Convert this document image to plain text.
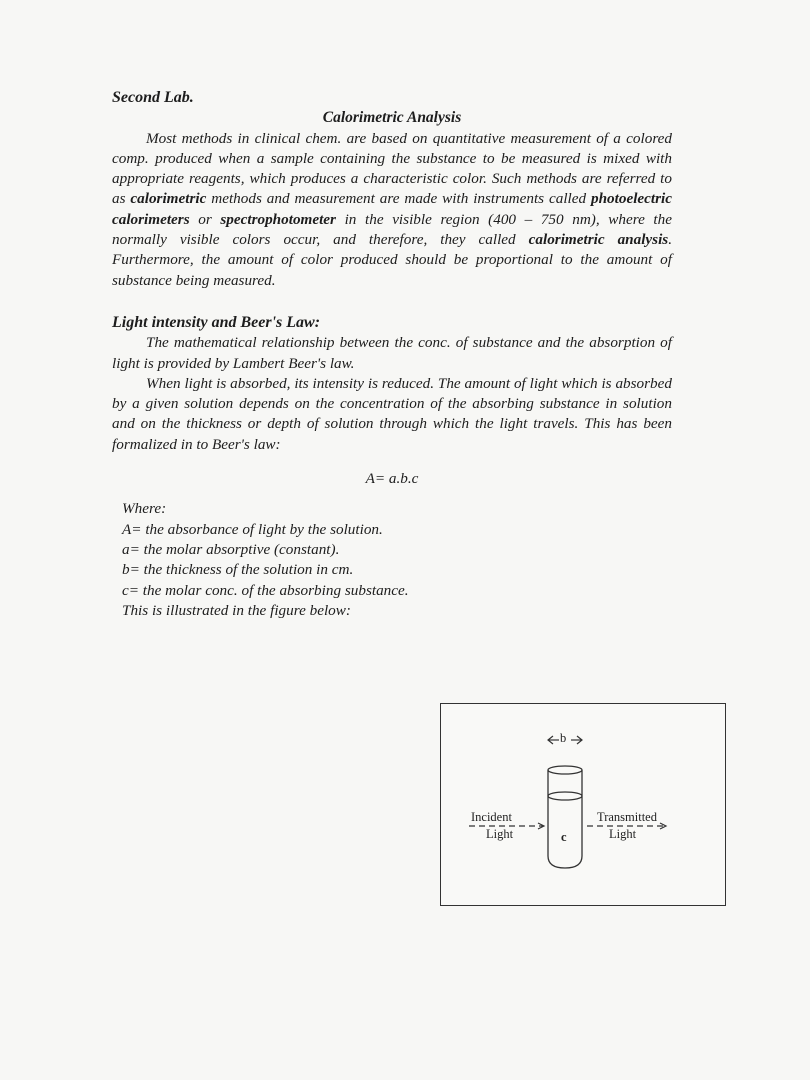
Second Lab.
Calorimetric Analysis

Most methods in clinical chem. are based on quantitative measurement of a colored comp. produced when a sample containing the substance to be measured is mixed with appropriate reagents, which produces a characteristic color. Such methods are referred to as calorimetric methods and measurement are made with instruments called photoelectric calorimeters or spectrophotometer in the visible region (400 – 750 nm), where the normally visible colors occur, and therefore, they called calorimetric analysis. Furthermore, the amount of color produced should be proportional to the amount of substance being measured.

Light intensity and Beer's Law:

The mathematical relationship between the conc. of substance and the absorption of light is provided by Lambert Beer's law.

When light is absorbed, its intensity is reduced. The amount of light which is absorbed by a given solution depends on the concentration of the absorbing substance in solution and on the thickness or depth of solution through which the light travels. This has been formalized in to Beer's law:

A= a.b.c
Where:
A= the absorbance of light by the solution.
a= the molar absorptive (constant).
b= the thickness of the solution in cm.
c= the molar conc. of the absorbing substance.
This is illustrated in the figure below:
b
c
Incident
Light
Transmitted
Light
